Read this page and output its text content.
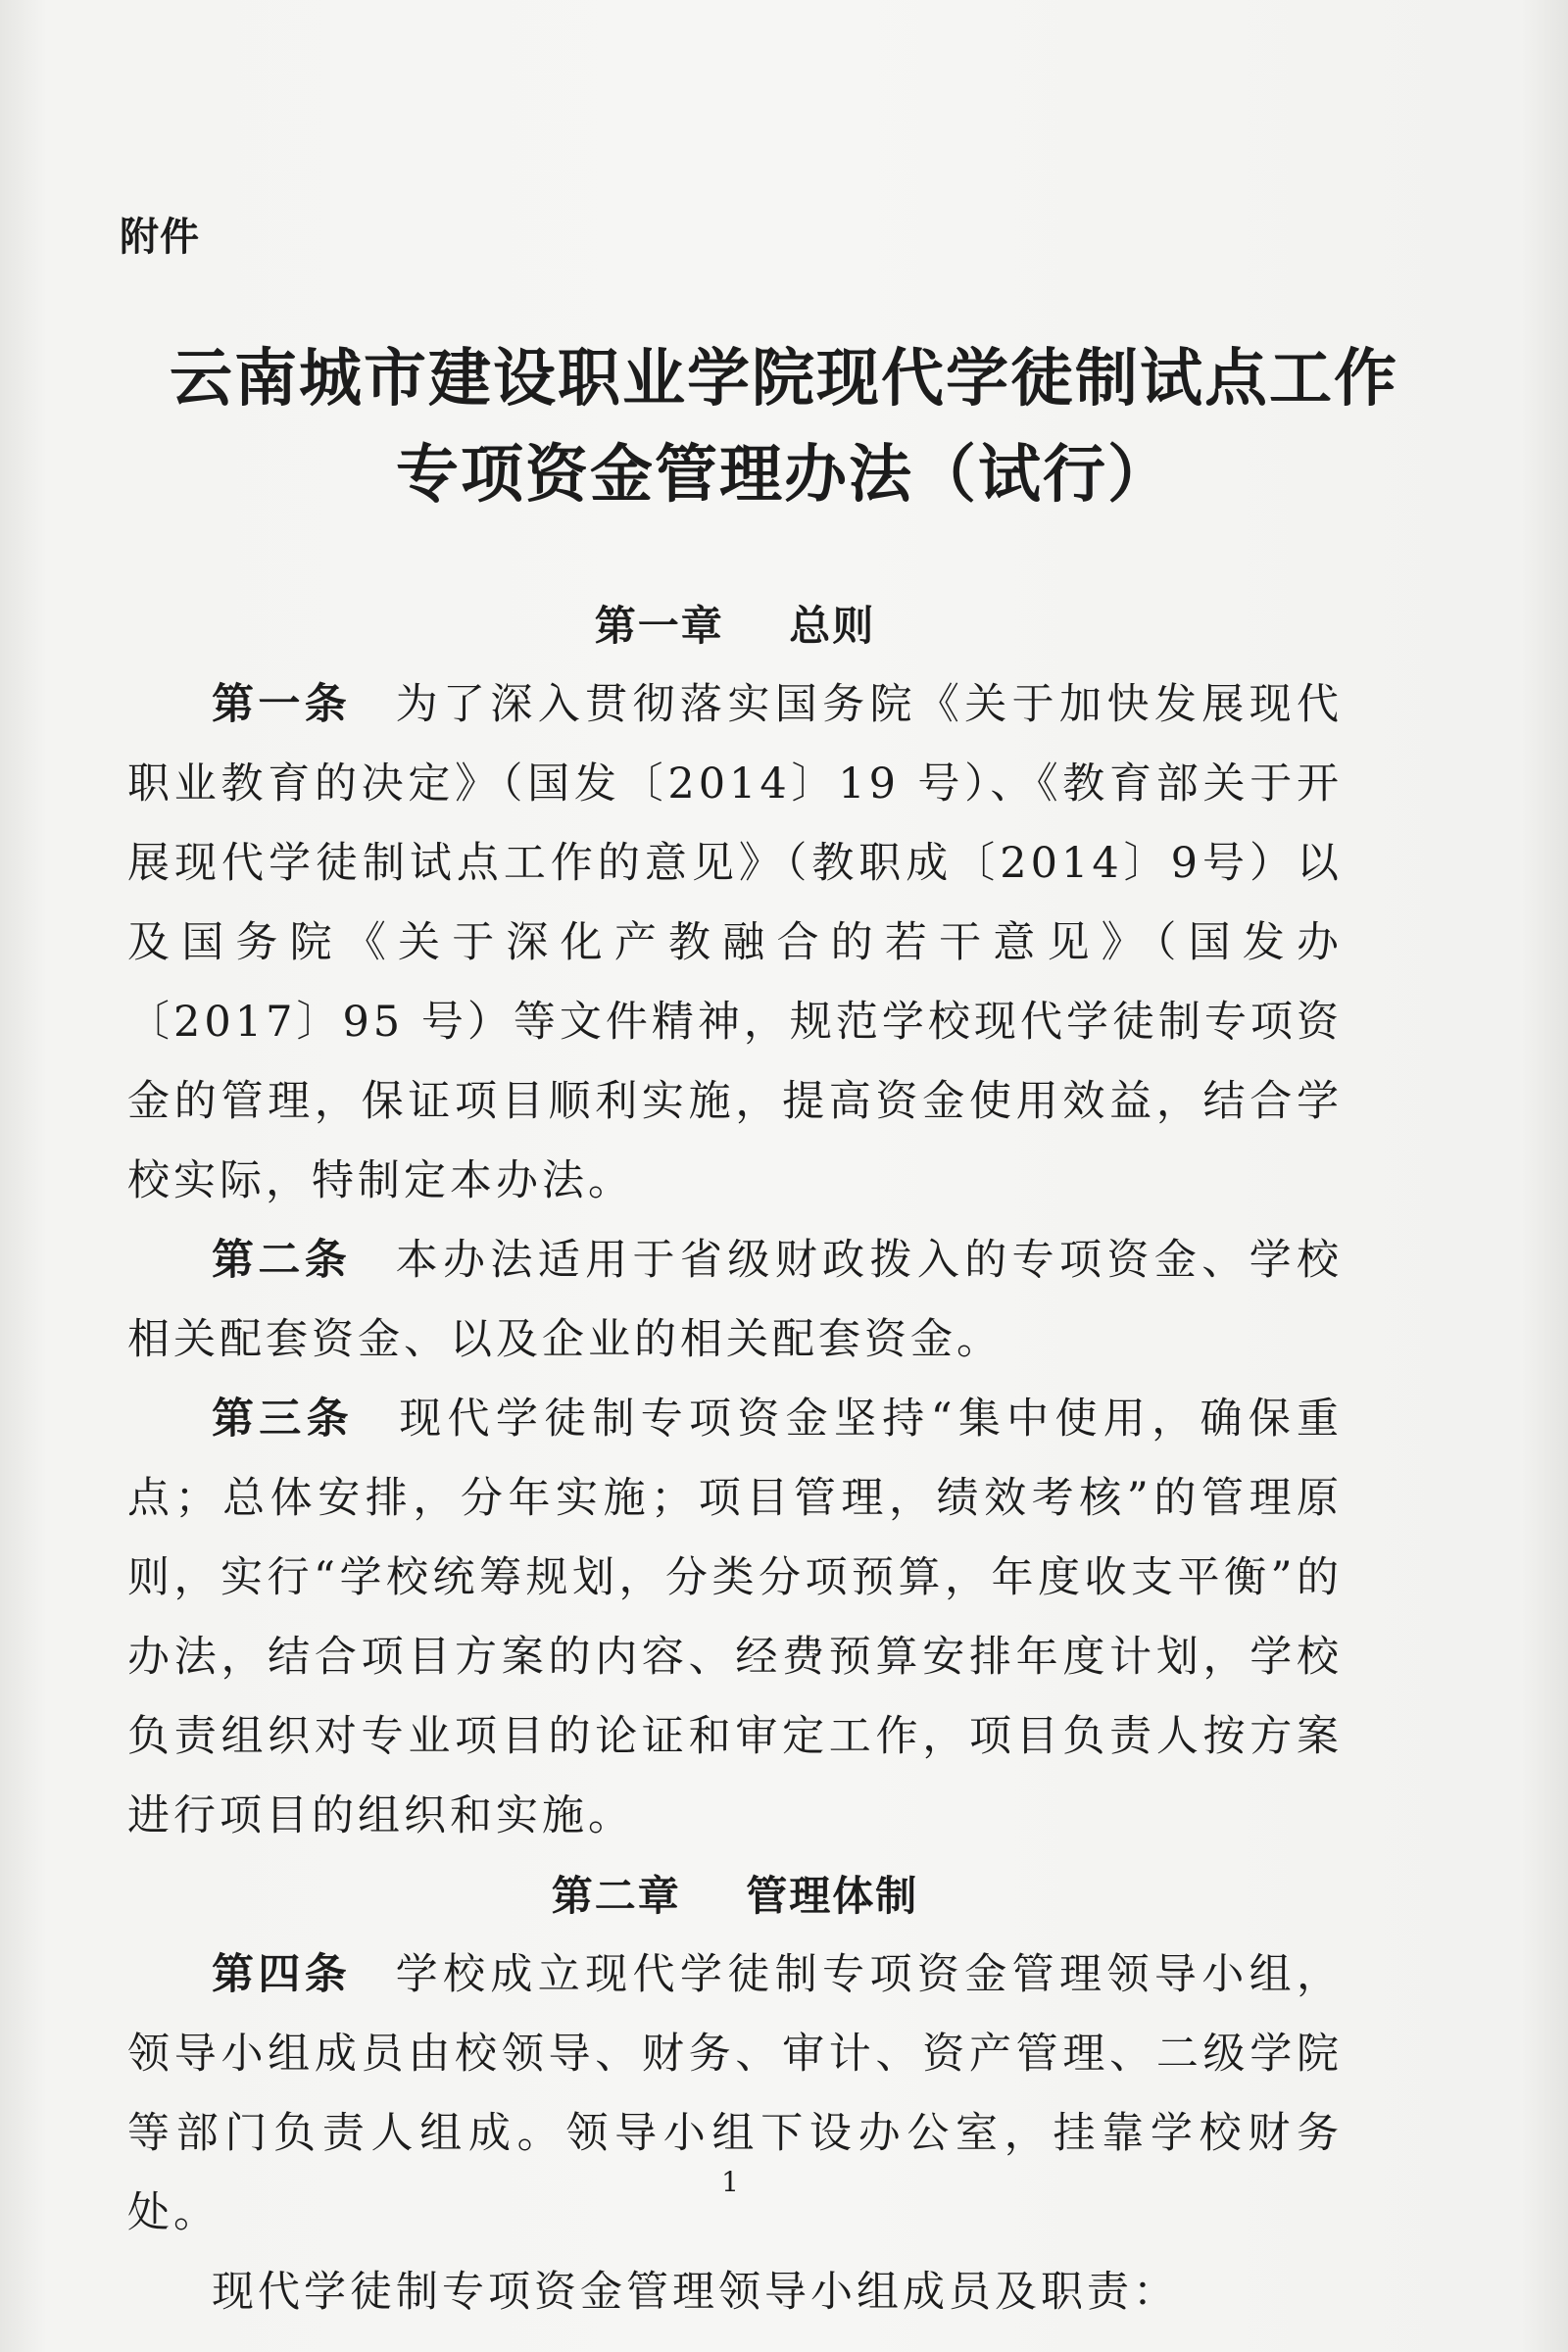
附件

云南城市建设职业学院现代学徒制试点工作
专项资金管理办法（试行）
第一章    总则

第一条 为了深入贯彻落实国务院《关于加快发展现代职业教育的决定》（国发〔2014〕19 号）、《教育部关于开展现代学徒制试点工作的意见》（教职成〔2014〕9号）以及国务院《关于深化产教融合的若干意见》（国发办〔2017〕95 号）等文件精神，规范学校现代学徒制专项资金的管理，保证项目顺利实施，提高资金使用效益，结合学校实际，特制定本办法。

第二条 本办法适用于省级财政拨入的专项资金、学校相关配套资金、以及企业的相关配套资金。

第三条 现代学徒制专项资金坚持“集中使用，确保重点；总体安排，分年实施；项目管理，绩效考核”的管理原则，实行“学校统筹规划，分类分项预算，年度收支平衡”的办法，结合项目方案的内容、经费预算安排年度计划，学校负责组织对专业项目的论证和审定工作，项目负责人按方案进行项目的组织和实施。

第二章    管理体制

第四条 学校成立现代学徒制专项资金管理领导小组，领导小组成员由校领导、财务、审计、资产管理、二级学院等部门负责人组成。领导小组下设办公室，挂靠学校财务处。

现代学徒制专项资金管理领导小组成员及职责：

1
